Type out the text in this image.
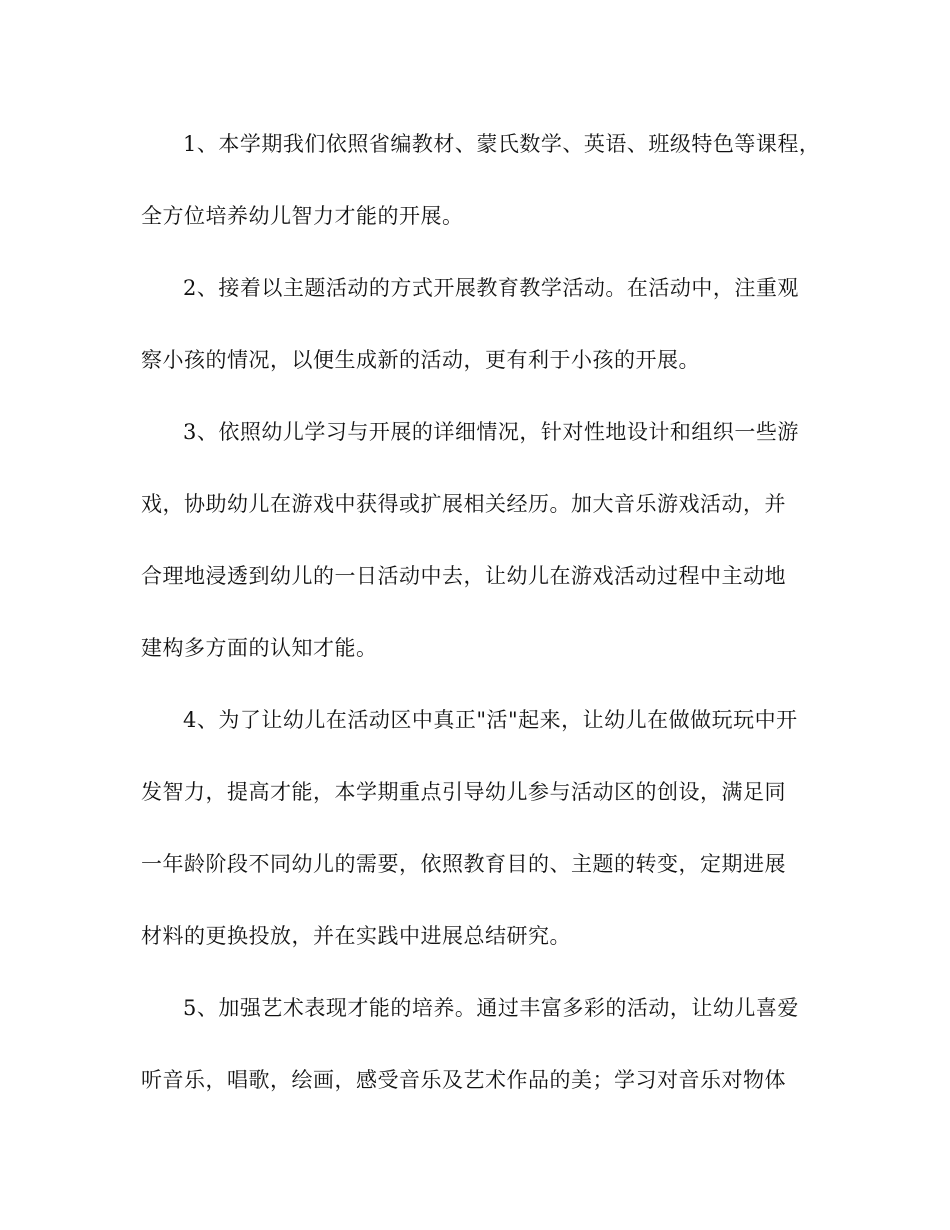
1、本学期我们依照省编教材、蒙氏数学、英语、班级特色等课程，
全方位培养幼儿智力才能的开展。
2、接着以主题活动的方式开展教育教学活动。在活动中，注重观
察小孩的情况，以便生成新的活动，更有利于小孩的开展。
3、依照幼儿学习与开展的详细情况，针对性地设计和组织一些游
戏，协助幼儿在游戏中获得或扩展相关经历。加大音乐游戏活动，并
合理地浸透到幼儿的一日活动中去，让幼儿在游戏活动过程中主动地
建构多方面的认知才能。
4、为了让幼儿在活动区中真正"活"起来，让幼儿在做做玩玩中开
发智力，提高才能，本学期重点引导幼儿参与活动区的创设，满足同
一年龄阶段不同幼儿的需要，依照教育目的、主题的转变，定期进展
材料的更换投放，并在实践中进展总结研究。
5、加强艺术表现才能的培养。通过丰富多彩的活动，让幼儿喜爱
听音乐，唱歌，绘画，感受音乐及艺术作品的美；学习对音乐对物体
